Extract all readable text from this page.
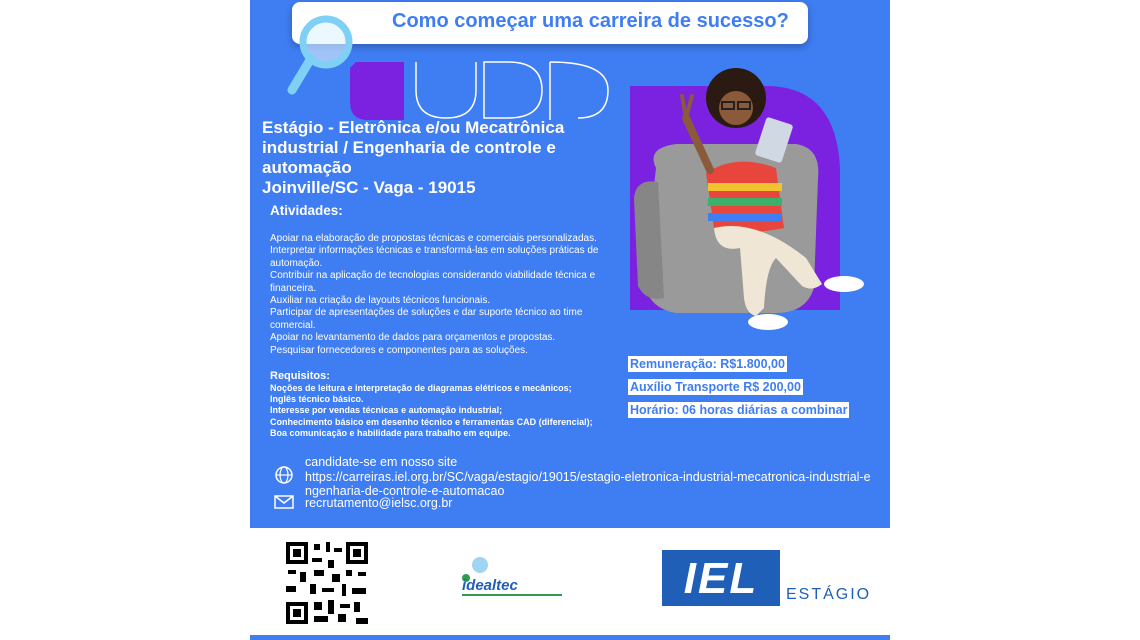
Como começar uma carreira de sucesso?
Estágio - Eletrônica e/ou Mecatrônica
industrial / Engenharia de controle e
automação
Joinville/SC - Vaga - 19015
Atividades:
Apoiar na elaboração de propostas técnicas e comerciais personalizadas.
Interpretar informações técnicas e transformá-las em soluções práticas de automação.
Contribuir na aplicação de tecnologias considerando viabilidade técnica e financeira.
Auxiliar na criação de layouts técnicos funcionais.
Participar de apresentações de soluções e dar suporte técnico ao time comercial.
Apoiar no levantamento de dados para orçamentos e propostas.
Pesquisar fornecedores e componentes para as soluções.
Requisitos:
Noções de leitura e interpretação de diagramas elétricos e mecânicos;
Inglês técnico básico.
Interesse por vendas técnicas e automação industrial;
Conhecimento básico em desenho técnico e ferramentas CAD (diferencial);
Boa comunicação e habilidade para trabalho em equipe.
Remuneração: R$1.800,00
Auxílio Transporte R$ 200,00
Horário: 06 horas diárias a combinar
candidate-se em nosso site
https://carreiras.iel.org.br/SC/vaga/estagio/19015/estagio-eletronica-industrial-mecatronica-industrial-engenharia-de-controle-e-automacao
recrutamento@ielsc.org.br
idealtec	IEL	ESTÁGIO
